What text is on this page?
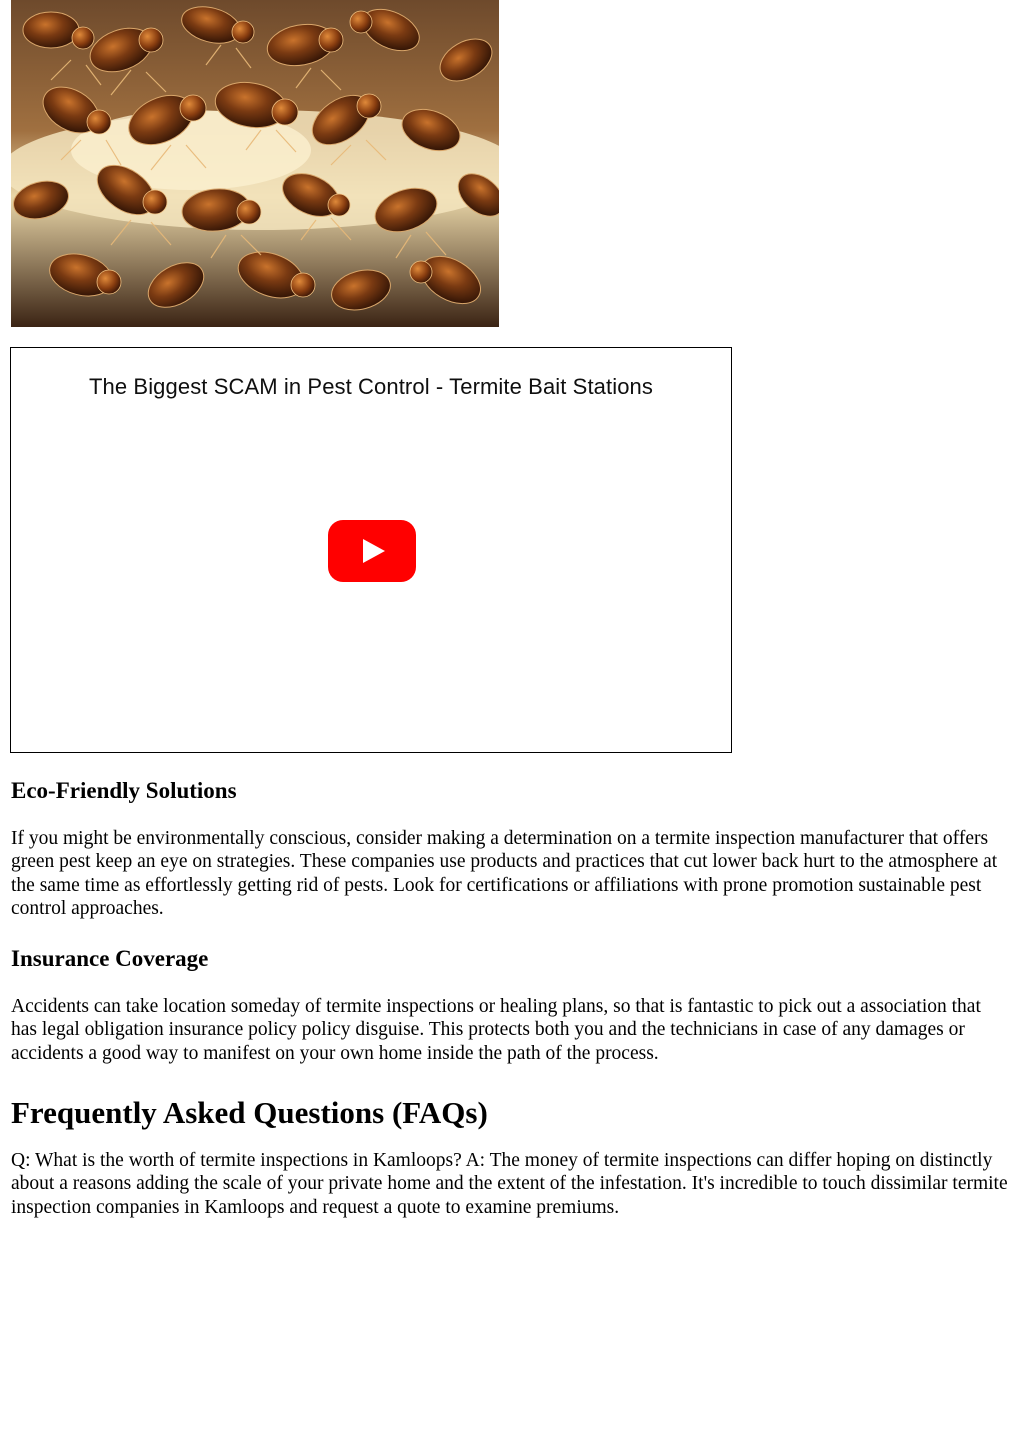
The Biggest SCAM in Pest Control - Termite Bait Stations
Eco-Friendly Solutions

If you might be environmentally conscious, consider making a determination on a termite inspection manufacturer that offers green pest keep an eye on strategies. These companies use products and practices that cut lower back hurt to the atmosphere at the same time as effortlessly getting rid of pests. Look for certifications or affiliations with prone promotion sustainable pest control approaches.

Insurance Coverage

Accidents can take location someday of termite inspections or healing plans, so that is fantastic to pick out a association that has legal obligation insurance policy policy disguise. This protects both you and the technicians in case of any damages or accidents a good way to manifest on your own home inside the path of the process.

Frequently Asked Questions (FAQs)

Q: What is the worth of termite inspections in Kamloops? A: The money of termite inspections can differ hoping on distinctly about a reasons adding the scale of your private home and the extent of the infestation. It's incredible to touch dissimilar termite inspection companies in Kamloops and request a quote to examine premiums.
